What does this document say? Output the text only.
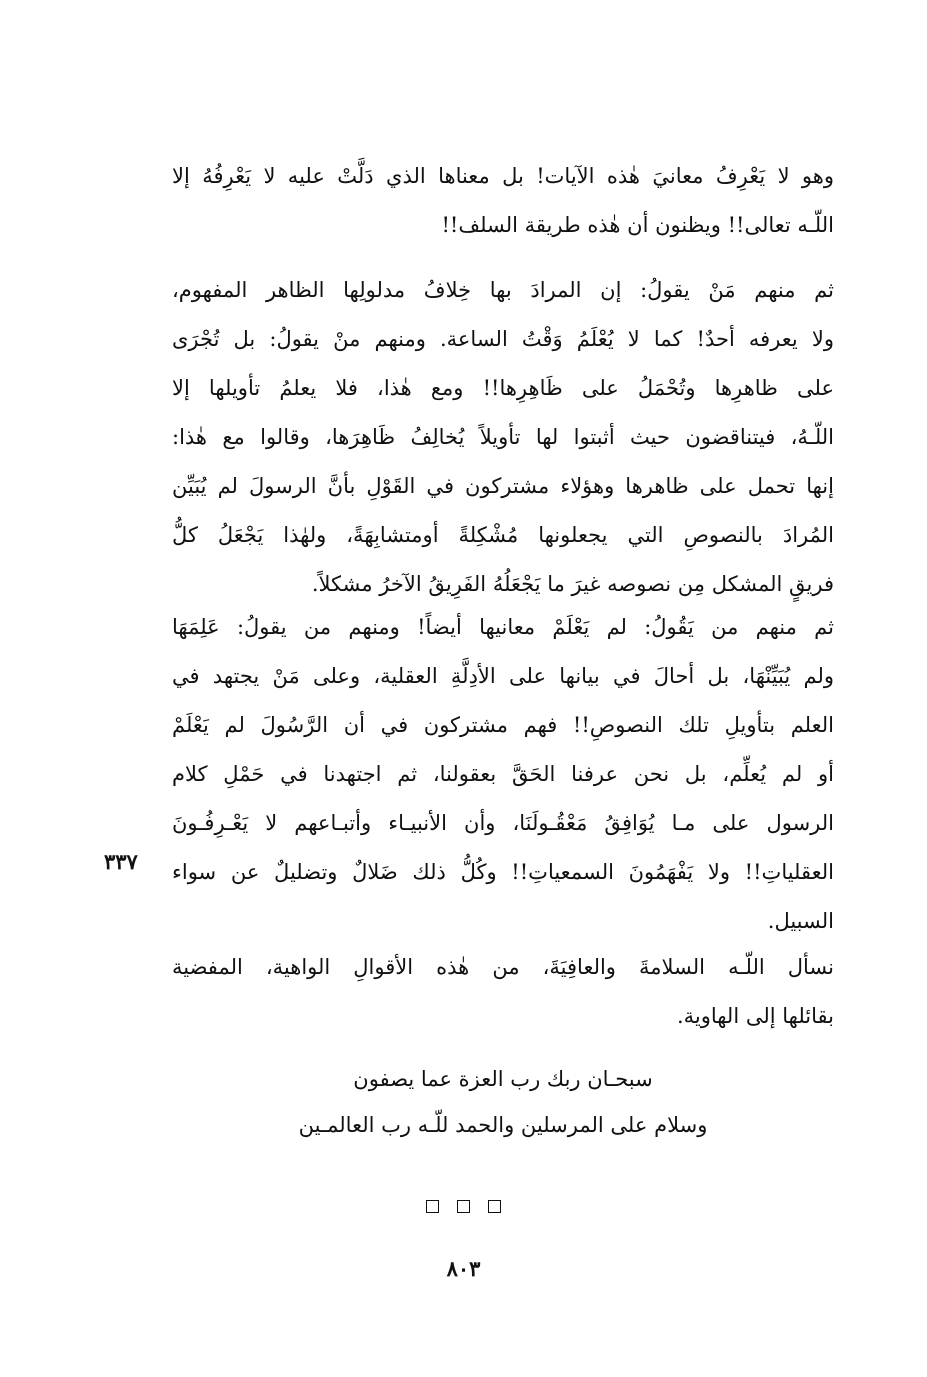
وهو لا يَعْرِفُ معانيَ هٰذه الآيات! بل معناها الذي دَلَّتْ عليه لا يَعْرِفُهُ إلا
اللّـه تعالى!! ويظنون أن هٰذه طريقة السلف!!
ثم منهم مَنْ يقولُ: إن المرادَ بها خِلافُ مدلولِها الظاهر المفهوم،
ولا يعرفه أحدٌ! كما لا يُعْلَمُ وَقْتُ الساعة. ومنهم منْ يقولُ: بل تُجْرَى
على ظاهرِها وتُحْمَلُ على ظَاهِرِها!! ومع هٰذا، فلا يعلمُ تأويلها إلا
اللّـهُ، فيتناقضون حيث أثبتوا لها تأويلاً يُخالِفُ ظَاهِرَها، وقالوا مع هٰذا:
إنها تحمل على ظاهرها وهؤلاء مشتركون في القَوْلِ بأنَّ الرسولَ لم يُبَيِّن
المُرادَ بالنصوصِ التي يجعلونها مُشْكِلةً أومتشابِهَةً، ولهٰذا يَجْعَلُ كلُّ
فريقٍ المشكل مِن نصوصه غيرَ ما يَجْعَلُهُ الفَرِيقُ الآخرُ مشكلاً.
ثم منهم من يَقُولُ: لم يَعْلَمْ معانيها أيضاً! ومنهم من يقولُ: عَلِمَهَا
ولم يُبَيِّنْهَا، بل أحالَ في بيانها على الأدِلَّةِ العقلية، وعلى مَنْ يجتهد في
العلم بتأويلِ تلك النصوصِ!! فهم مشتركون في أن الرَّسُولَ لم يَعْلَمْ
أو لم يُعلِّم، بل نحن عرفنا الحَقَّ بعقولنا، ثم اجتهدنا في حَمْلِ كلام
الرسول على مـا يُوَافِقُ مَعْقُـولَنَا، وأن الأنبيـاء وأتبـاعهم لا يَعْـرِفُـونَ
العقلياتِ!! ولا يَفْهَمُونَ السمعياتِ!! وكُلُّ ذلك ضَلالٌ وتضليلٌ عن سواء
السبيل.
٣٣٧
نسأل اللّـه السلامةَ والعافِيَةَ، من هٰذه الأقوالِ الواهية، المفضية
بقائلها إلى الهاوية.
سبحـان ربك رب العزة عما يصفون
وسلام على المرسلين والحمد للّـه رب العالمـين

٨٠٣
